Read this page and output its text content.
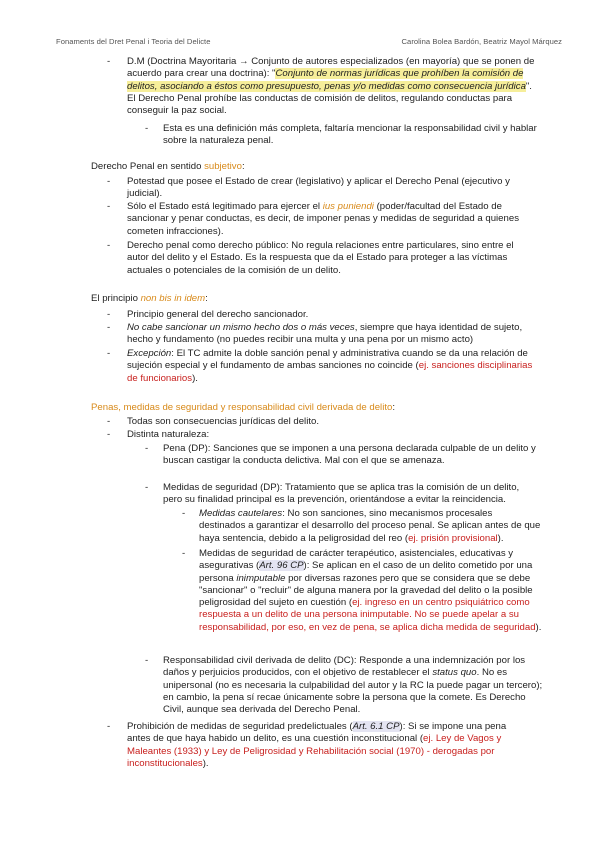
Fonaments del Dret Penal i Teoria del Delicte	Carolina Bolea Bardón, Beatriz Mayol Márquez
-	D.M (Doctrina Mayoritaria → Conjunto de autores especializados (en mayoría) que se ponen de
acuerdo para crear una doctrina): "Conjunto de normas jurídicas que prohíben la comisión de
delitos, asociando a éstos como presupuesto, penas y/o medidas como consecuencia jurídica".
El Derecho Penal prohíbe las conductas de comisión de delitos, regulando conductas para
conseguir la paz social.
-	Esta es una definición más completa, faltaría mencionar la responsabilidad civil y hablar
sobre la naturaleza penal.
Derecho Penal en sentido subjetivo:
-	Potestad que posee el Estado de crear (legislativo) y aplicar el Derecho Penal (ejecutivo y
judicial).
-	Sólo el Estado está legitimado para ejercer el ius puniendi (poder/facultad del Estado de
sancionar y penar conductas, es decir, de imponer penas y medidas de seguridad a quienes
cometen infracciones).
-	Derecho penal como derecho público: No regula relaciones entre particulares, sino entre el
autor del delito y el Estado. Es la respuesta que da el Estado para proteger a las víctimas
actuales o potenciales de la comisión de un delito.
El principio non bis in idem:
-	Principio general del derecho sancionador.
-	No cabe sancionar un mismo hecho dos o más veces, siempre que haya identidad de sujeto,
hecho y fundamento (no puedes recibir una multa y una pena por un mismo acto)
-	Excepción: El TC admite la doble sanción penal y administrativa cuando se da una relación de
sujeción especial y el fundamento de ambas sanciones no coincide (ej. sanciones disciplinarias
de funcionarios).
Penas, medidas de seguridad y responsabilidad civil derivada de delito:
-	Todas son consecuencias jurídicas del delito.
-	Distinta naturaleza:
-	Pena (DP): Sanciones que se imponen a una persona declarada culpable de un delito y
buscan castigar la conducta delictiva. Mal con el que se amenaza.
-	Medidas de seguridad (DP): Tratamiento que se aplica tras la comisión de un delito,
pero su finalidad principal es la prevención, orientándose a evitar la reincidencia.
-	Medidas cautelares: No son sanciones, sino mecanismos procesales
destinados a garantizar el desarrollo del proceso penal. Se aplican antes de que
haya sentencia, debido a la peligrosidad del reo (ej. prisión provisional).
-	Medidas de seguridad de carácter terapéutico, asistenciales, educativas y
asegurativas (Art. 96 CP): Se aplican en el caso de un delito cometido por una
persona inimputable por diversas razones pero que se considera que se debe
"sancionar" o "recluir" de alguna manera por la gravedad del delito o la posible
peligrosidad del sujeto en cuestión (ej. ingreso en un centro psiquiátrico como
respuesta a un delito de una persona inimputable. No se puede apelar a su
responsabilidad, por eso, en vez de pena, se aplica dicha medida de seguridad).
-	Responsabilidad civil derivada de delito (DC): Responde a una indemnización por los
daños y perjuicios producidos, con el objetivo de restablecer el status quo. No es
unipersonal (no es necesaria la culpabilidad del autor y la RC la puede pagar un tercero);
en cambio, la pena sí recae únicamente sobre la persona que la comete. Es Derecho
Civil, aunque sea derivada del Derecho Penal.
-	Prohibición de medidas de seguridad predelictuales (Art. 6.1 CP): Si se impone una pena
antes de que haya habido un delito, es una cuestión inconstitucional (ej. Ley de Vagos y
Maleantes (1933) y Ley de Peligrosidad y Rehabilitación social (1970) - derogadas por
inconstitucionales).
